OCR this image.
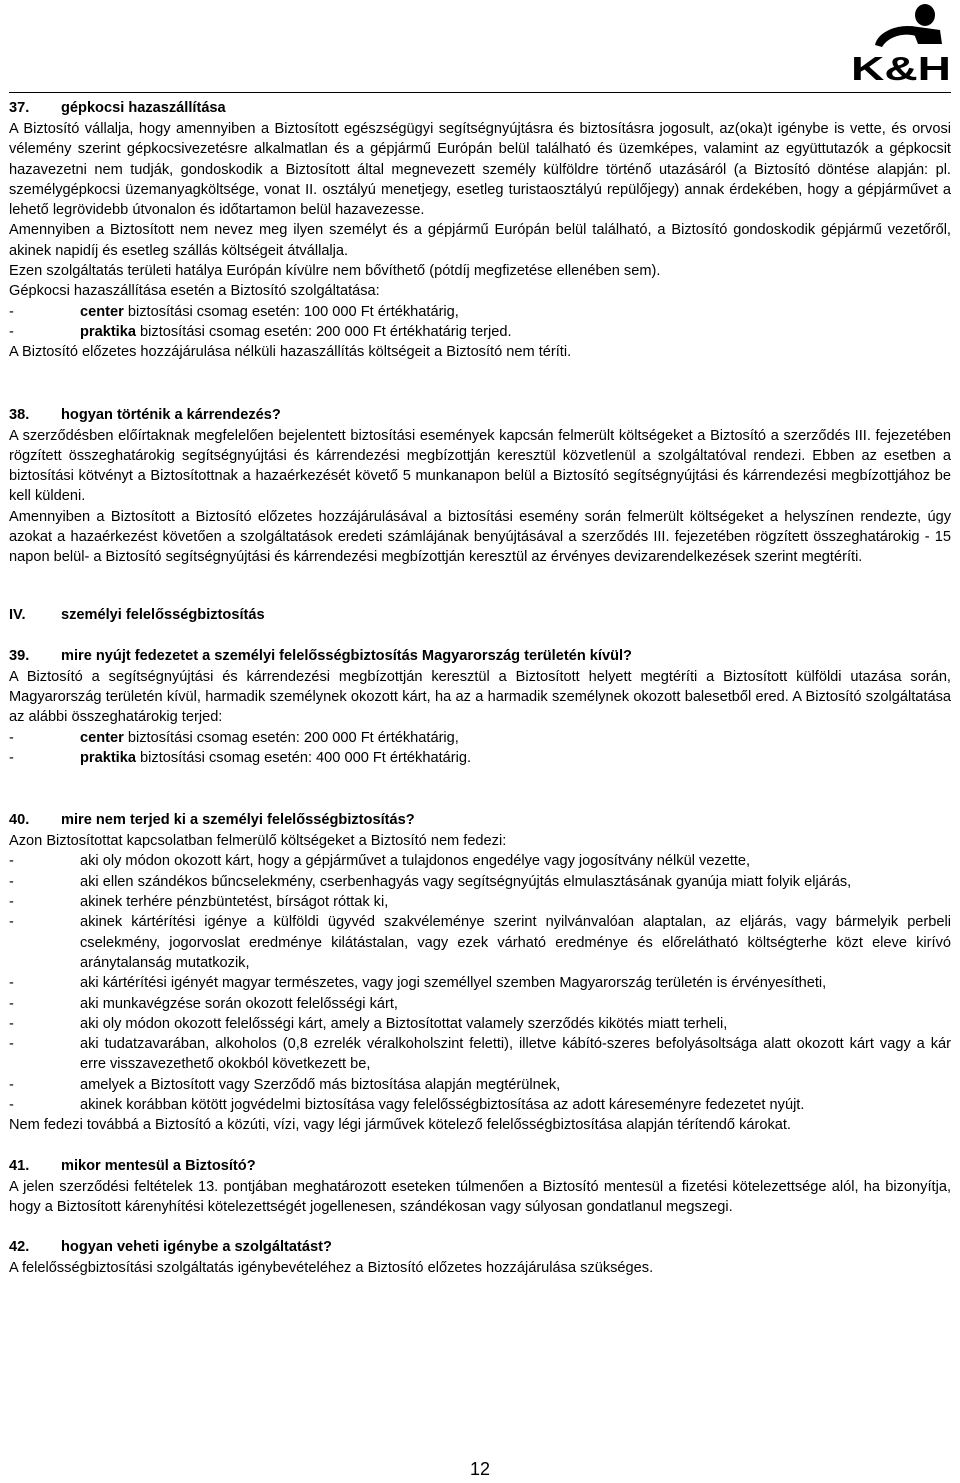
K&H
37. gépkocsi hazaszállítása

A Biztosító vállalja, hogy amennyiben a Biztosított egészségügyi segítségnyújtásra és biztosításra jogosult, az(oka)t igénybe is vette, és orvosi vélemény szerint gépkocsivezetésre alkalmatlan és a gépjármű Európán belül található és üzemképes, valamint az együttutazók a gépkocsit hazavezetni nem tudják, gondoskodik a Biztosított által megnevezett személy külföldre történő utazásáról (a Biztosító döntése alapján: pl. személygépkocsi üzemanyagköltsége, vonat II. osztályú menetjegy, esetleg turistaosztályú repülőjegy) annak érdekében, hogy a gépjárművet a lehető legrövidebb útvonalon és időtartamon belül hazavezesse.

Amennyiben a Biztosított nem nevez meg ilyen személyt és a gépjármű Európán belül található, a Biztosító gondoskodik gépjármű vezetőről, akinek napidíj és esetleg szállás költségeit átvállalja.

Ezen szolgáltatás területi hatálya Európán kívülre nem bővíthető (pótdíj megfizetése ellenében sem).

Gépkocsi hazaszállítása esetén a Biztosító szolgáltatása:

-	center biztosítási csomag esetén: 100 000 Ft értékhatárig,
-	praktika biztosítási csomag esetén: 200 000 Ft értékhatárig terjed.

A Biztosító előzetes hozzájárulása nélküli hazaszállítás költségeit a Biztosító nem téríti.

38. hogyan történik a kárrendezés?

A szerződésben előírtaknak megfelelően bejelentett biztosítási események kapcsán felmerült költségeket a Biztosító a szerződés III. fejezetében rögzített összeghatárokig segítségnyújtási és kárrendezési megbízottján keresztül közvetlenül a szolgáltatóval rendezi. Ebben az esetben a biztosítási kötvényt a Biztosítottnak a hazaérkezését követő 5 munkanapon belül a Biztosító segítségnyújtási és kárrendezési megbízottjához be kell küldeni.

Amennyiben a Biztosított a Biztosító előzetes hozzájárulásával a biztosítási esemény során felmerült költségeket a helyszínen rendezte, úgy azokat a hazaérkezést követően a szolgáltatások eredeti számlájának benyújtásával a szerződés III. fejezetében rögzített összeghatárokig - 15 napon belül- a Biztosító segítségnyújtási és kárrendezési megbízottján keresztül az érvényes devizarendelkezések szerint megtéríti.

IV. személyi felelősségbiztosítás
39. mire nyújt fedezetet a személyi felelősségbiztosítás Magyarország területén kívül?

A Biztosító a segítségnyújtási és kárrendezési megbízottján keresztül a Biztosított helyett megtéríti a Biztosított külföldi utazása során, Magyarország területén kívül, harmadik személynek okozott kárt, ha az a harmadik személynek okozott balesetből ered. A Biztosító szolgáltatása az alábbi összeghatárokig terjed:

-	center biztosítási csomag esetén: 200 000 Ft értékhatárig,
-	praktika biztosítási csomag esetén: 400 000 Ft értékhatárig.
40. mire nem terjed ki a személyi felelősségbiztosítás?

Azon Biztosítottat kapcsolatban felmerülő költségeket a Biztosító nem fedezi:

-	aki oly módon okozott kárt, hogy a gépjárművet a tulajdonos engedélye vagy jogosítvány nélkül vezette,
-	aki ellen szándékos bűncselekmény, cserbenhagyás vagy segítségnyújtás elmulasztásának gyanúja miatt folyik eljárás,
-	akinek terhére pénzbüntetést, bírságot róttak ki,
-	akinek kártérítési igénye a külföldi ügyvéd szakvéleménye szerint nyilvánvalóan alaptalan, az eljárás, vagy bármelyik perbeli cselekmény, jogorvoslat eredménye kilátástalan, vagy ezek várható eredménye és előrelátható költségterhe közt eleve kirívó aránytalanság mutatkozik,
-	aki kártérítési igényét magyar természetes, vagy jogi személlyel szemben Magyarország területén is érvényesítheti,
-	aki munkavégzése során okozott felelősségi kárt,
-	aki oly módon okozott felelősségi kárt, amely a Biztosítottat valamely szerződés kikötés miatt terheli,
-	aki tudatzavarában, alkoholos (0,8 ezrelék véralkoholszint feletti), illetve kábító-szeres befolyásoltsága alatt okozott kárt vagy a kár erre visszavezethető okokból következett be,
-	amelyek a Biztosított vagy Szerződő más biztosítása alapján megtérülnek,
-	akinek korábban kötött jogvédelmi biztosítása vagy felelősségbiztosítása az adott káreseményre fedezetet nyújt.

Nem fedezi továbbá a Biztosító a közúti, vízi, vagy légi járművek kötelező felelősségbiztosítása alapján térítendő károkat.

41. mikor mentesül a Biztosító?

A jelen szerződési feltételek 13. pontjában meghatározott eseteken túlmenően a Biztosító mentesül a fizetési kötelezettsége alól, ha bizonyítja, hogy a Biztosított kárenyhítési kötelezettségét jogellenesen, szándékosan vagy súlyosan gondatlanul megszegi.

42. hogyan veheti igénybe a szolgáltatást?

A felelősségbiztosítási szolgáltatás igénybevételéhez a Biztosító előzetes hozzájárulása szükséges.

12
